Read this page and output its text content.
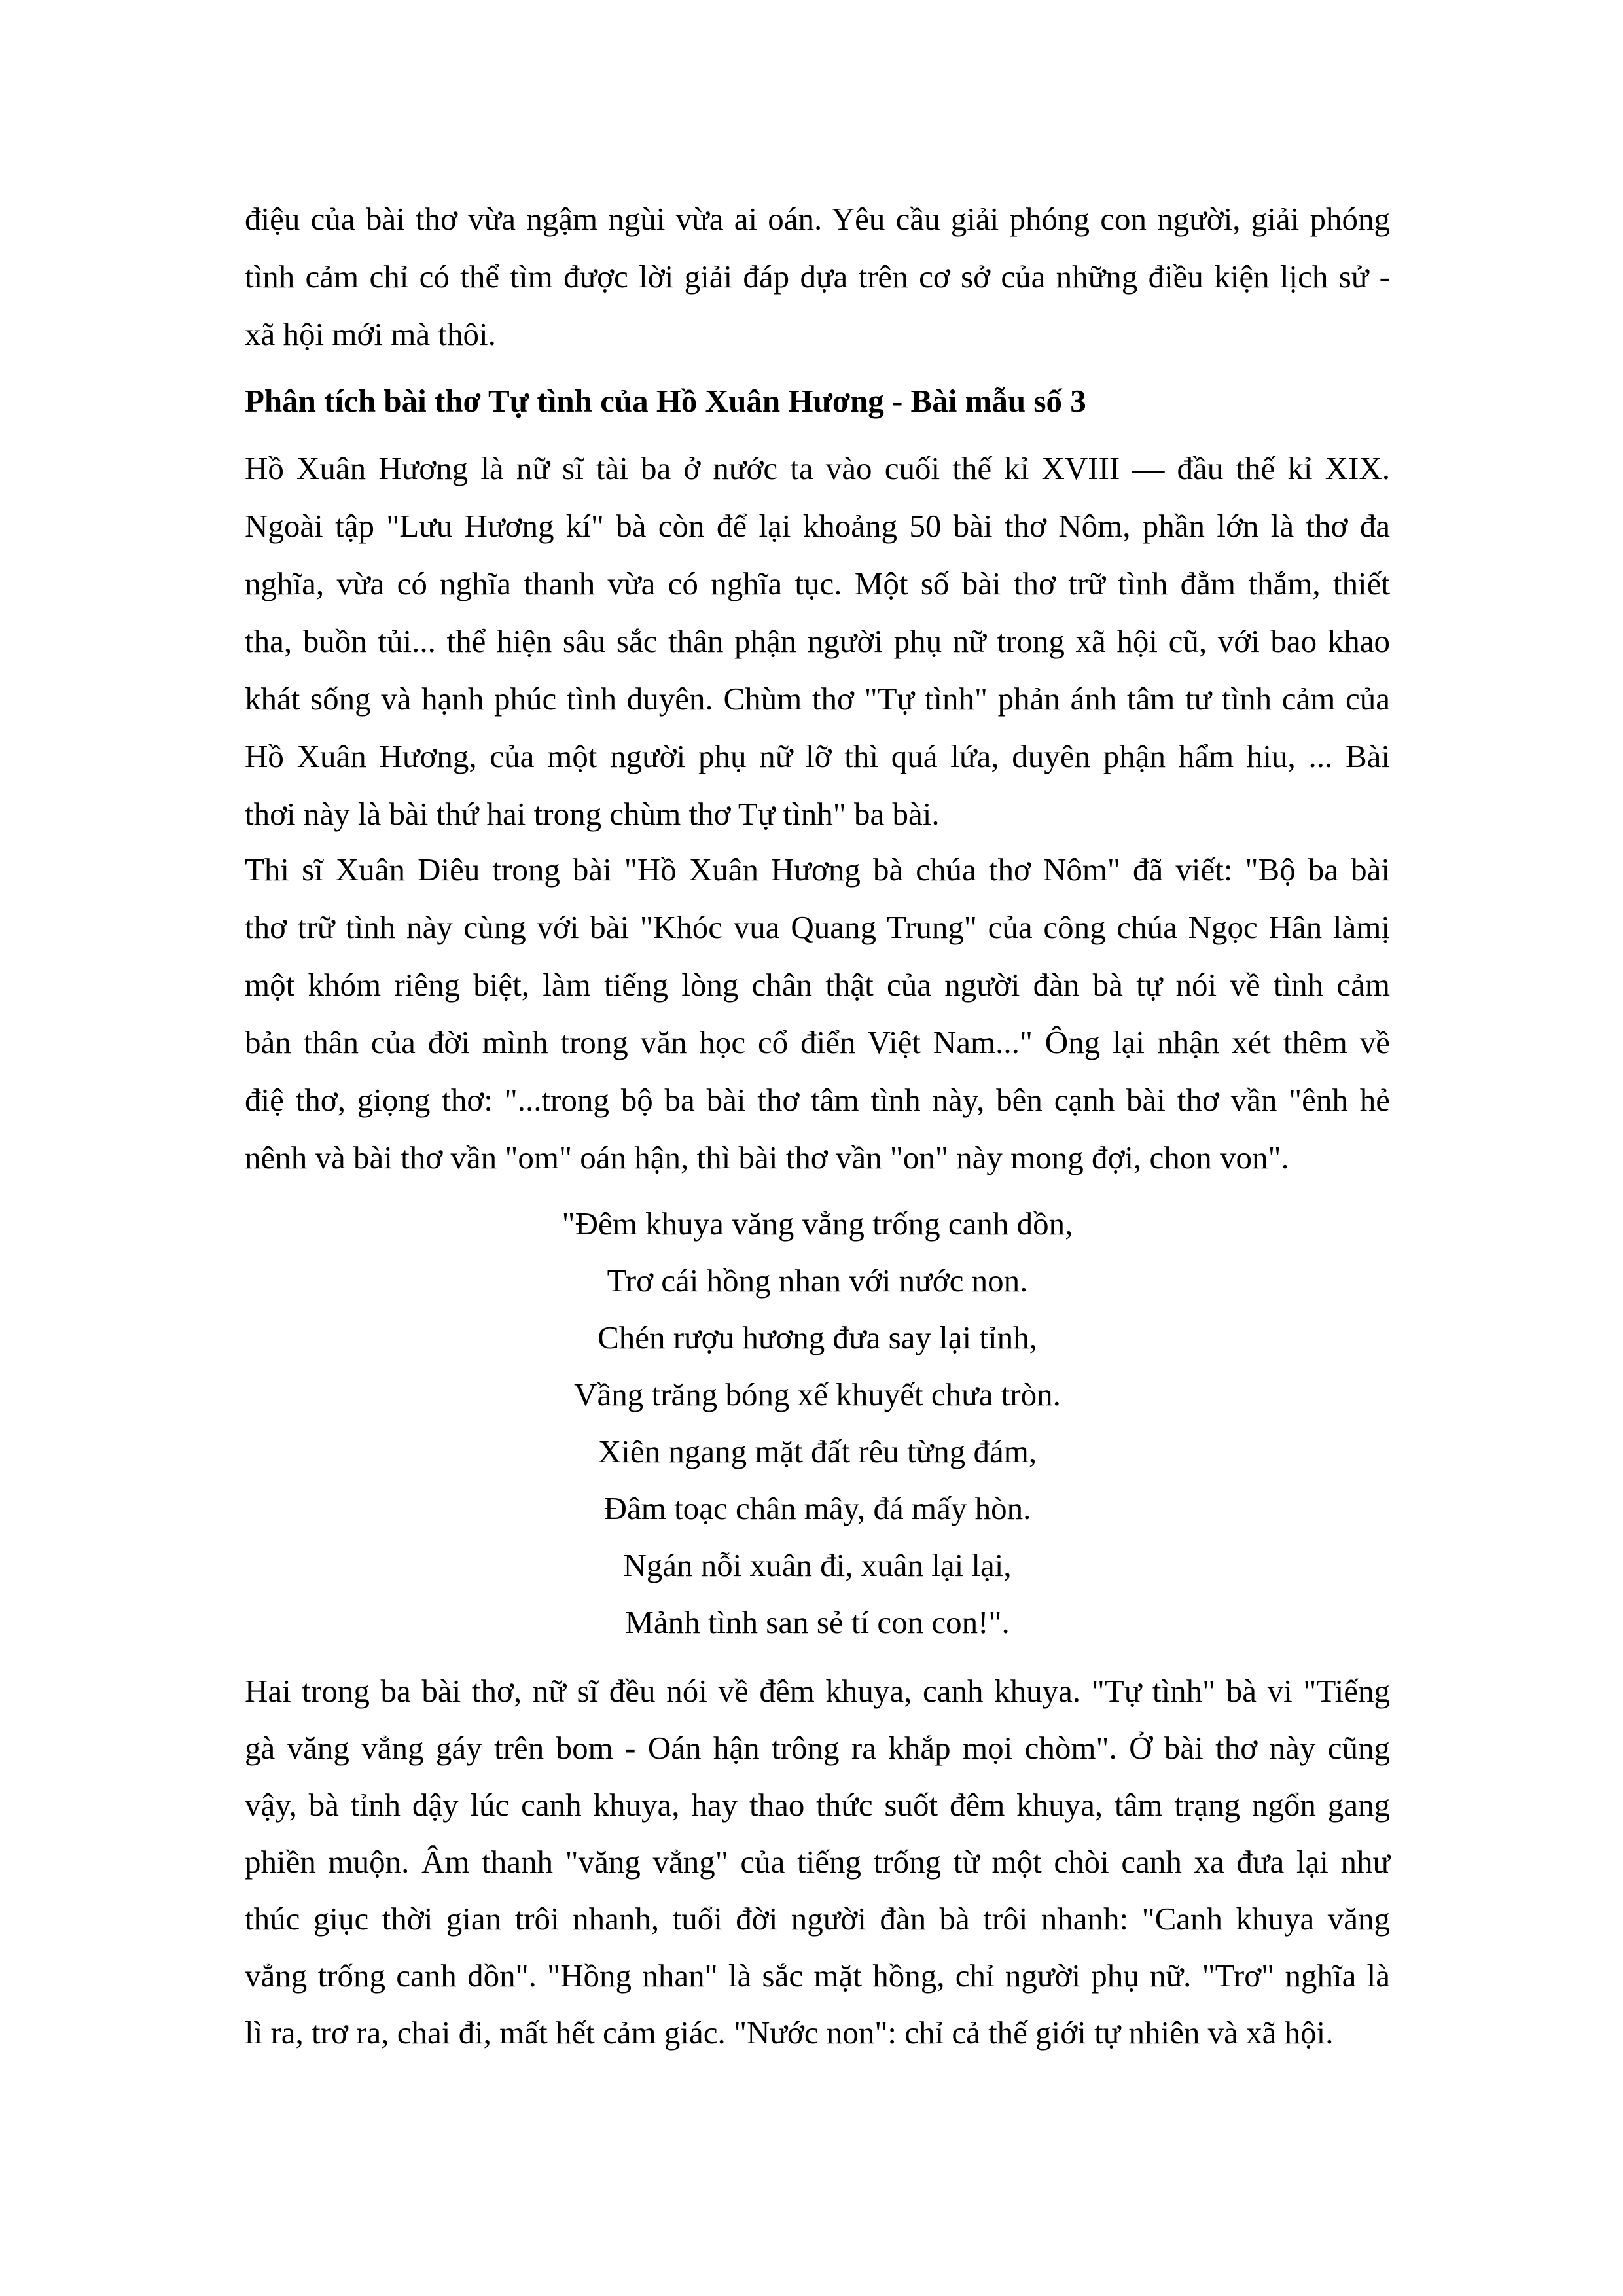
điệu của bài thơ vừa ngậm ngùi vừa ai oán. Yêu cầu giải phóng con người, giải phóng
tình cảm chỉ có thể tìm được lời giải đáp dựa trên cơ sở của những điều kiện lịch sử -
xã hội mới mà thôi.
Phân tích bài thơ Tự tình của Hồ Xuân Hương - Bài mẫu số 3
Hồ Xuân Hương là nữ sĩ tài ba ở nước ta vào cuối thế kỉ XVIII — đầu thế kỉ XIX.
Ngoài tập "Lưu Hương kí" bà còn để lại khoảng 50 bài thơ Nôm, phần lớn là thơ đa
nghĩa, vừa có nghĩa thanh vừa có nghĩa tục. Một số bài thơ trữ tình đằm thắm, thiết
tha, buồn tủi... thể hiện sâu sắc thân phận người phụ nữ trong xã hội cũ, với bao khao
khát sống và hạnh phúc tình duyên. Chùm thơ "Tự tình" phản ánh tâm tư tình cảm của
Hồ Xuân Hương, của một người phụ nữ lỡ thì quá lứa, duyên phận hẩm hiu, ... Bài
thơi này là bài thứ hai trong chùm thơ Tự tình" ba bài.
Thi sĩ Xuân Diêu trong bài "Hồ Xuân Hương bà chúa thơ Nôm" đã viết: "Bộ ba bài
thơ trữ tình này cùng với bài "Khóc vua Quang Trung" của công chúa Ngọc Hân làmị
một khóm riêng biệt, làm tiếng lòng chân thật của người đàn bà tự nói về tình cảm
bản thân của đời mình trong văn học cổ điển Việt Nam..." Ông lại nhận xét thêm về
điệ thơ, giọng thơ: "...trong bộ ba bài thơ tâm tình này, bên cạnh bài thơ vần "ênh hẻ
nênh và bài thơ vần "om" oán hận, thì bài thơ vần "on" này mong đợi, chon von".
"Đêm khuya văng vẳng trống canh dồn,
Trơ cái hồng nhan với nước non.
Chén rượu hương đưa say lại tỉnh,
Vầng trăng bóng xế khuyết chưa tròn.
Xiên ngang mặt đất rêu từng đám,
Đâm toạc chân mây, đá mấy hòn.
Ngán nỗi xuân đi, xuân lại lại,
Mảnh tình san sẻ tí con con!".
Hai trong ba bài thơ, nữ sĩ đều nói về đêm khuya, canh khuya. "Tự tình" bà vi "Tiếng
gà văng vẳng gáy trên bom - Oán hận trông ra khắp mọi chòm". Ở bài thơ này cũng
vậy, bà tỉnh dậy lúc canh khuya, hay thao thức suốt đêm khuya, tâm trạng ngổn gang
phiền muộn. Âm thanh "văng vẳng" của tiếng trống từ một chòi canh xa đưa lại như
thúc giục thời gian trôi nhanh, tuổi đời người đàn bà trôi nhanh: "Canh khuya văng
vẳng trống canh dồn". "Hồng nhan" là sắc mặt hồng, chỉ người phụ nữ. "Trơ" nghĩa là
lì ra, trơ ra, chai đi, mất hết cảm giác. "Nước non": chỉ cả thế giới tự nhiên và xã hội.
